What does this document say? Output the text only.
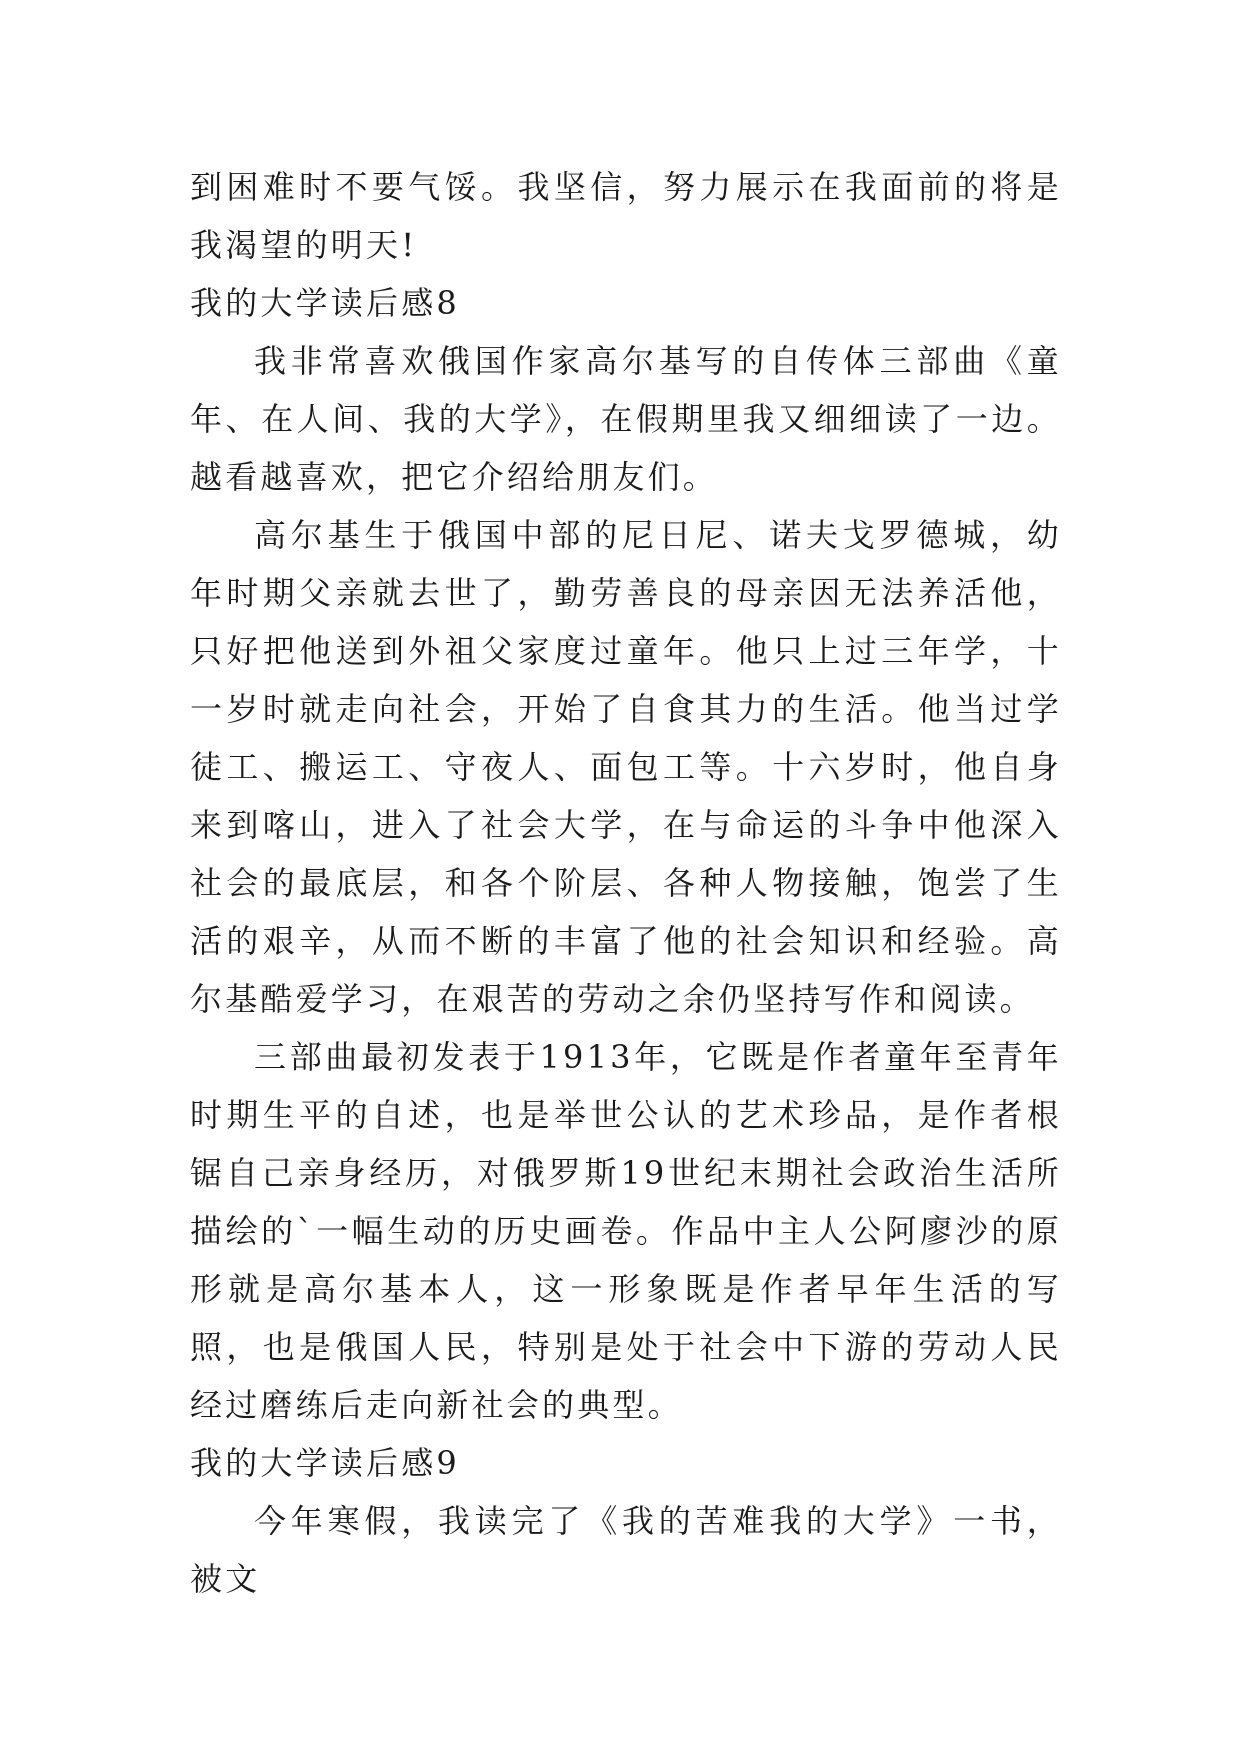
到困难时不要气馁。我坚信，努力展示在我面前的将是我渴望的明天!

我的大学读后感8

我非常喜欢俄国作家高尔基写的自传体三部曲《童年、在人间、我的大学》，在假期里我又细细读了一边。越看越喜欢，把它介绍给朋友们。

高尔基生于俄国中部的尼日尼、诺夫戈罗德城，幼年时期父亲就去世了，勤劳善良的母亲因无法养活他，只好把他送到外祖父家度过童年。他只上过三年学，十一岁时就走向社会，开始了自食其力的生活。他当过学徒工、搬运工、守夜人、面包工等。十六岁时，他自身来到喀山，进入了社会大学，在与命运的斗争中他深入社会的最底层，和各个阶层、各种人物接触，饱尝了生活的艰辛，从而不断的丰富了他的社会知识和经验。高尔基酷爱学习，在艰苦的劳动之余仍坚持写作和阅读。

三部曲最初发表于1913年，它既是作者童年至青年时期生平的自述，也是举世公认的艺术珍品，是作者根锯自己亲身经历，对俄罗斯19世纪末期社会政治生活所描绘的`一幅生动的历史画卷。作品中主人公阿廖沙的原形就是高尔基本人，这一形象既是作者早年生活的写照，也是俄国人民，特别是处于社会中下游的劳动人民经过磨练后走向新社会的典型。

我的大学读后感9

今年寒假，我读完了《我的苦难我的大学》一书，被文
